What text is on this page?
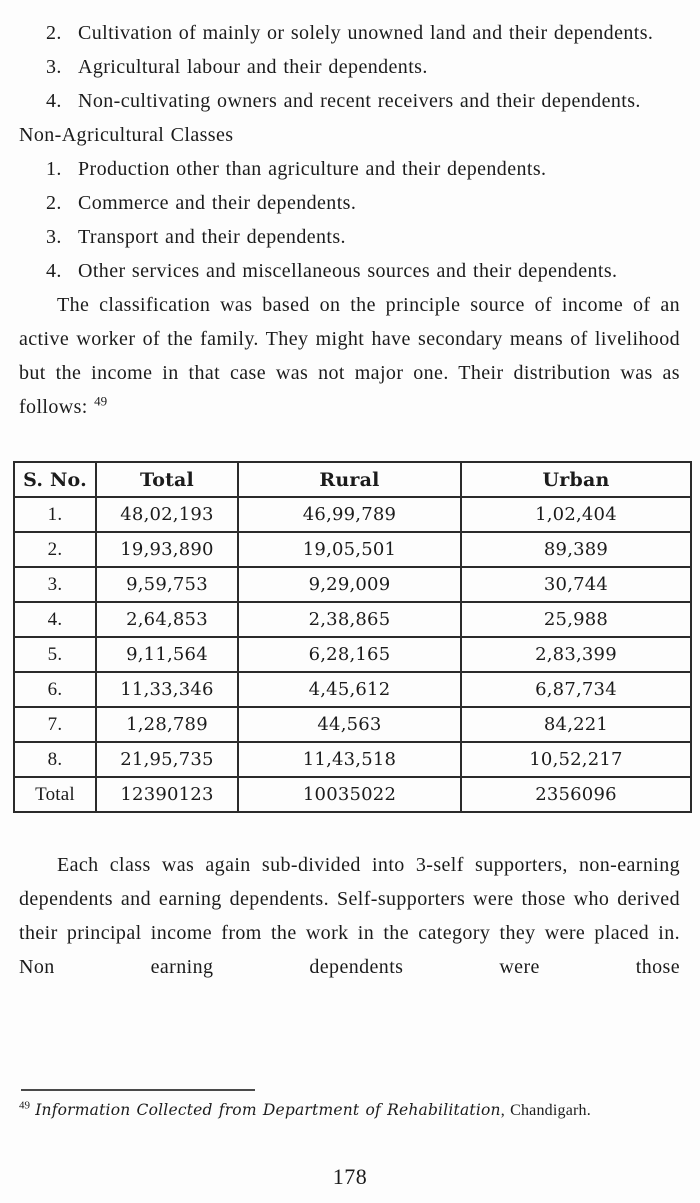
2. Cultivation of mainly or solely unowned land and their dependents.
3. Agricultural labour and their dependents.
4. Non-cultivating owners and recent receivers and their dependents.
Non-Agricultural Classes
1. Production other than agriculture and their dependents.
2. Commerce and their dependents.
3. Transport and their dependents.
4. Other services and miscellaneous sources and their dependents.

The classification was based on the principle source of income of an active worker of the family. They might have secondary means of livelihood but the income in that case was not major one. Their distribution was as follows: $^{49}$

S. No.	Total	Rural	Urban
1.	48,02,193	46,99,789	1,02,404
2.	19,93,890	19,05,501	89,389
3.	9,59,753	9,29,009	30,744
4.	2,64,853	2,38,865	25,988
5.	9,11,564	6,28,165	2,83,399
6.	11,33,346	4,45,612	6,87,734
7.	1,28,789	44,563	84,221
8.	21,95,735	11,43,518	10,52,217
Total	12390123	10035022	2356096

Each class was again sub-divided into 3-self supporters, non-earning dependents and earning dependents. Self-supporters were those who derived their principal income from the work in the category they were placed in. Non earning dependents were those

$^{49}$ Information Collected from Department of Rehabilitation, Chandigarh.
178
